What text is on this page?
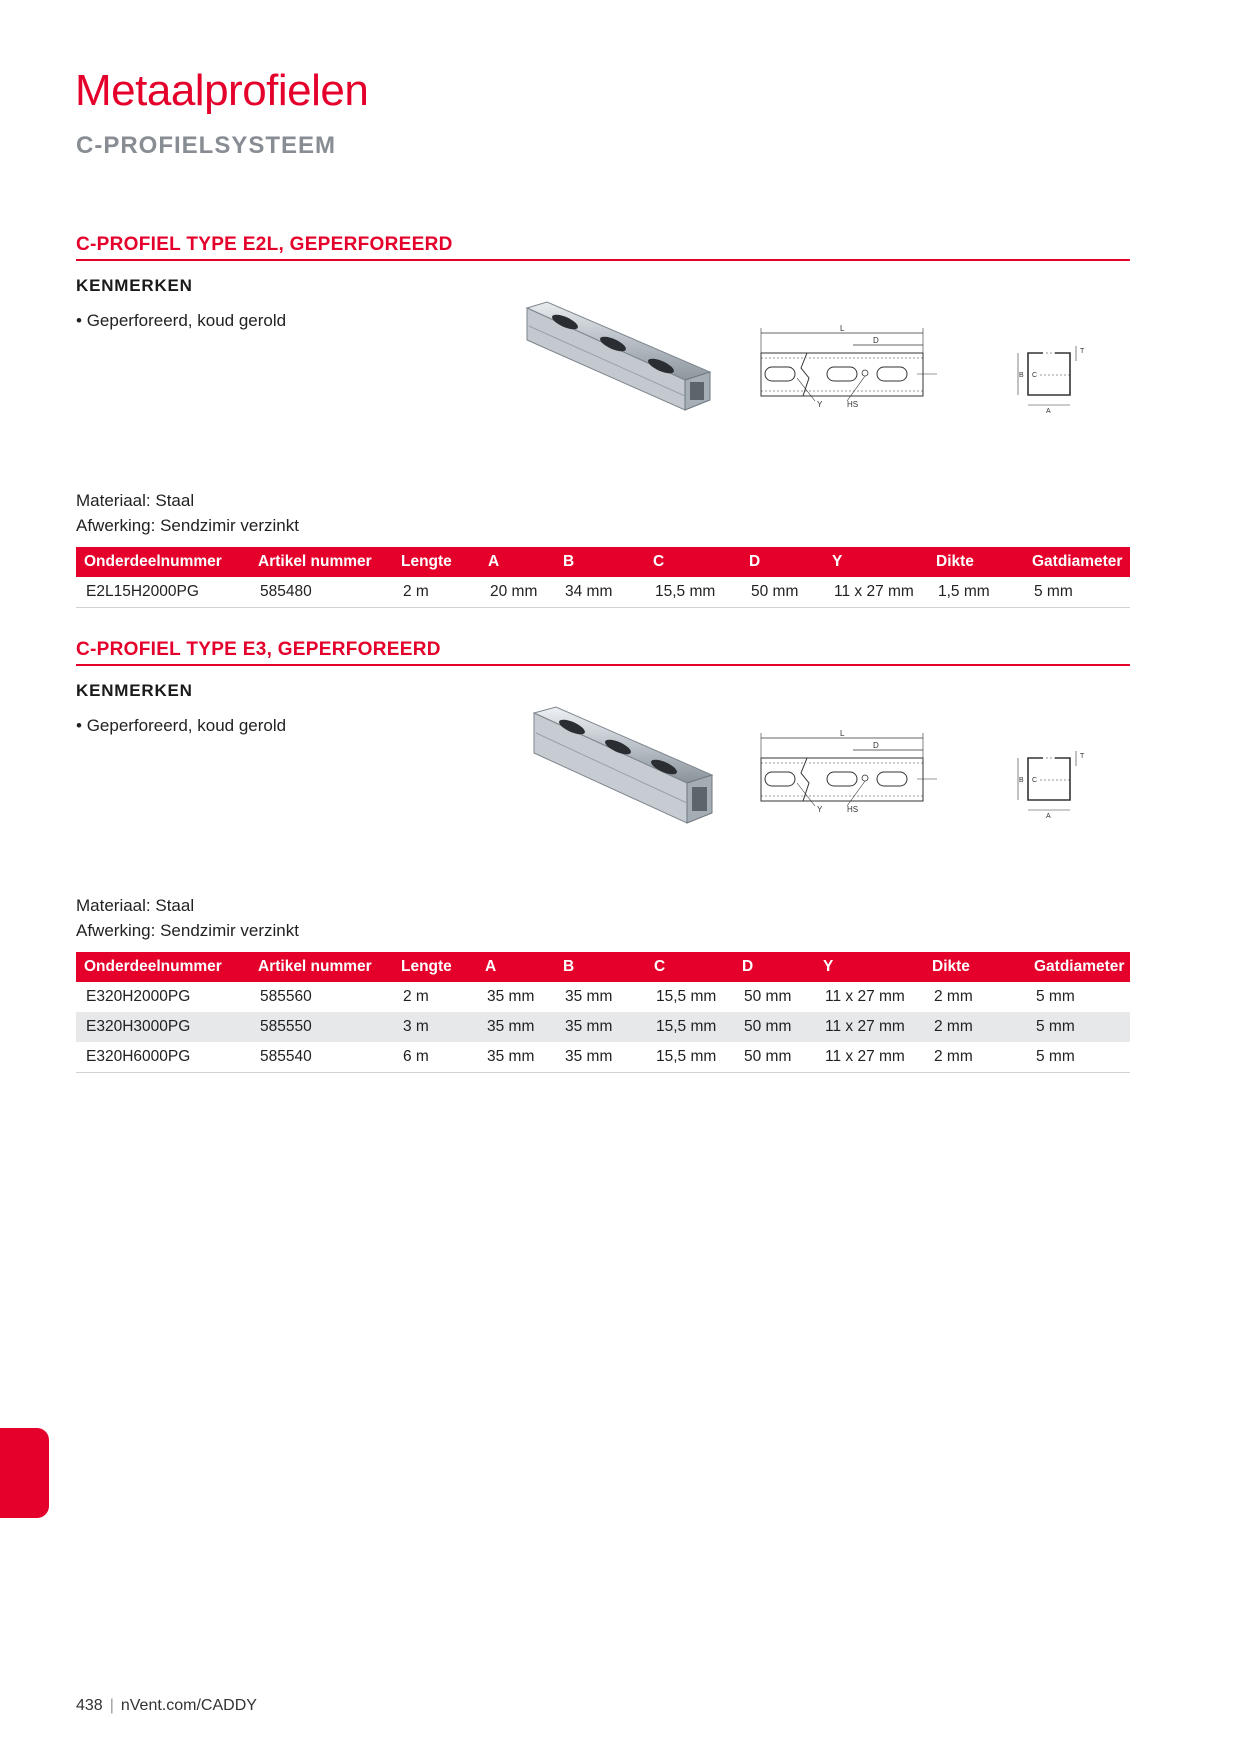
Metaalprofielen
C-PROFIELSYSTEEM
C-PROFIEL TYPE E2L, GEPERFOREERD
KENMERKEN
• Geperforeerd, koud gerold	L
D
Y	HS
B C
A
T
Materiaal: Staal
Afwerking: Sendzimir verzinkt
Onderdeelnummer	Artikel nummer	Lengte	A	B	C	D	Y	Dikte	Gatdiameter
E2L15H2000PG	585480	2 m	20 mm	34 mm	15,5 mm	50 mm	11 x 27 mm	1,5 mm	5 mm
C-PROFIEL TYPE E3, GEPERFOREERD
KENMERKEN
• Geperforeerd, koud gerold	L
D
Y	HS
B C
A
T
Materiaal: Staal
Afwerking: Sendzimir verzinkt
Onderdeelnummer	Artikel nummer	Lengte	A	B	C	D	Y	Dikte	Gatdiameter
E320H2000PG	585560	2 m	35 mm	35 mm	15,5 mm	50 mm	11 x 27 mm	2 mm	5 mm
E320H3000PG	585550	3 m	35 mm	35 mm	15,5 mm	50 mm	11 x 27 mm	2 mm	5 mm
E320H6000PG	585540	6 m	35 mm	35 mm	15,5 mm	50 mm	11 x 27 mm	2 mm	5 mm
438 | nVent.com/CADDY
